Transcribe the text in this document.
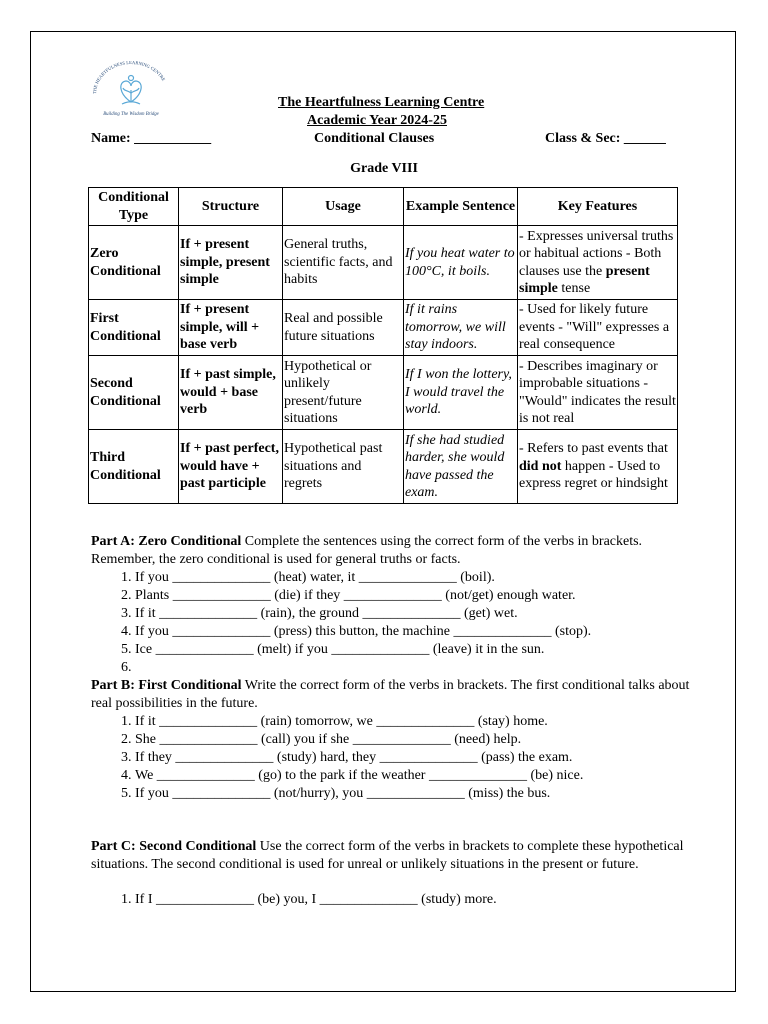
THE HEARTFULNESS LEARNING CENTRE
Building The Wisdom Bridge
The Heartfulness Learning Centre
Academic Year 2024-25
Name: ___________	Conditional Clauses	Class & Sec: ______
Grade VIII
Conditional Type	Structure	Usage	Example Sentence	Key Features
Zero Conditional	If + present simple, present simple	General truths, scientific facts, and habits	If you heat water to 100°C, it boils.	- Expresses universal truths or habitual actions - Both clauses use the present simple tense
First Conditional	If + present simple, will + base verb	Real and possible future situations	If it rains tomorrow, we will stay indoors.	- Used for likely future events - "Will" expresses a real consequence
Second Conditional	If + past simple, would + base verb	Hypothetical or unlikely present/future situations	If I won the lottery, I would travel the world.	- Describes imaginary or improbable situations - "Would" indicates the result is not real
Third Conditional	If + past perfect, would have + past participle	Hypothetical past situations and regrets	If she had studied harder, she would have passed the exam.	- Refers to past events that did not happen - Used to express regret or hindsight
Part A: Zero Conditional Complete the sentences using the correct form of the verbs in brackets. Remember, the zero conditional is used for general truths or facts.
1. If you ______________ (heat) water, it ______________ (boil).
2. Plants ______________ (die) if they ______________ (not/get) enough water.
3. If it ______________ (rain), the ground ______________ (get) wet.
4. If you ______________ (press) this button, the machine ______________ (stop).
5. Ice ______________ (melt) if you ______________ (leave) it in the sun.
6.
Part B: First Conditional Write the correct form of the verbs in brackets. The first conditional talks about real possibilities in the future.
1. If it ______________ (rain) tomorrow, we ______________ (stay) home.
2. She ______________ (call) you if she ______________ (need) help.
3. If they ______________ (study) hard, they ______________ (pass) the exam.
4. We ______________ (go) to the park if the weather ______________ (be) nice.
5. If you ______________ (not/hurry), you ______________ (miss) the bus.
Part C: Second Conditional Use the correct form of the verbs in brackets to complete these hypothetical situations. The second conditional is used for unreal or unlikely situations in the present or future.
1. If I ______________ (be) you, I ______________ (study) more.
